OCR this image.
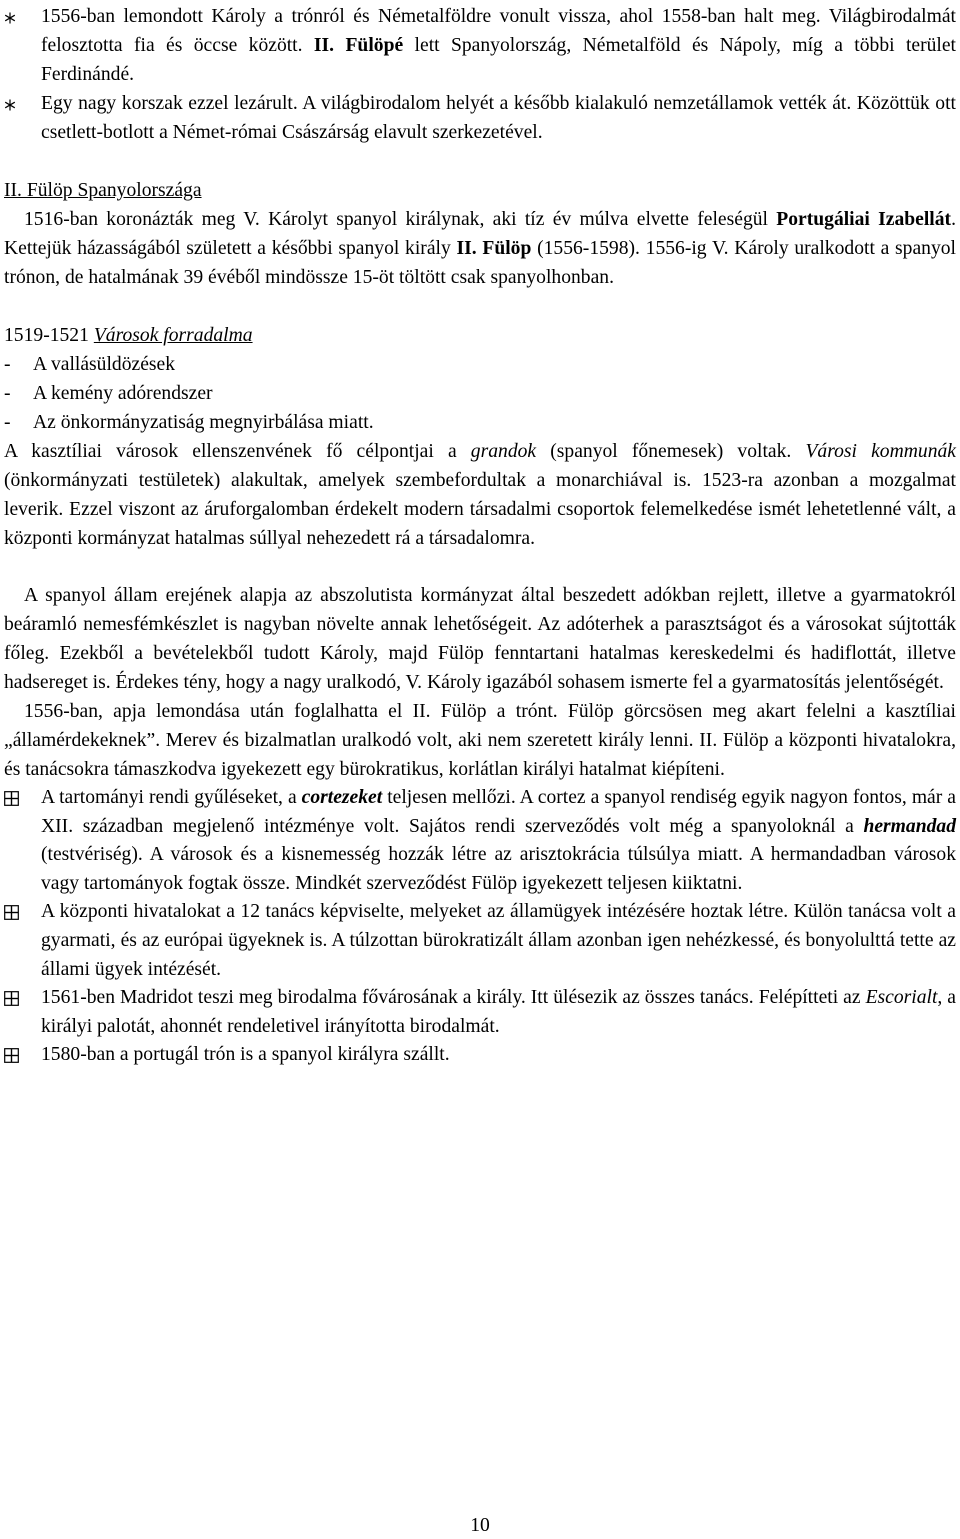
1556-ban lemondott Károly a trónról és Németalföldre vonult vissza, ahol 1558-ban halt meg. Világbirodalmát felosztotta fia és öccse között. II. Fülöpé lett Spanyolország, Németalföld és Nápoly, míg a többi terület Ferdinándé.
Egy nagy korszak ezzel lezárult. A világbirodalom helyét a később kialakuló nemzetállamok vették át. Közöttük ott csetlett-botlott a Német-római Császárság elavult szerkezetével.

II. Fülöp Spanyolországa

1516-ban koronázták meg V. Károlyt spanyol királynak, aki tíz év múlva elvette feleségül Portugáliai Izabellát. Kettejük házasságából született a későbbi spanyol király II. Fülöp (1556-1598). 1556-ig V. Károly uralkodott a spanyol trónon, de hatalmának 39 évéből mindössze 15-öt töltött csak spanyolhonban.

1519-1521 Városok forradalma

-	A vallásüldözések
-	A kemény adórendszer
-	Az önkormányzatiság megnyirbálása miatt.

A kasztíliai városok ellenszenvének fő célpontjai a grandok (spanyol főnemesek) voltak. Városi kommunák (önkormányzati testületek) alakultak, amelyek szembefordultak a monarchiával is. 1523-ra azonban a mozgalmat leverik. Ezzel viszont az áruforgalomban érdekelt modern társadalmi csoportok felemelkedése ismét lehetetlenné vált, a központi kormányzat hatalmas súllyal nehezedett rá a társadalomra.

A spanyol állam erejének alapja az abszolutista kormányzat által beszedett adókban rejlett, illetve a gyarmatokról beáramló nemesfémkészlet is nagyban növelte annak lehetőségeit. Az adóterhek a parasztságot és a városokat sújtották főleg. Ezekből a bevételekből tudott Károly, majd Fülöp fenntartani hatalmas kereskedelmi és hadiflottát, illetve hadsereget is. Érdekes tény, hogy a nagy uralkodó, V. Károly igazából sohasem ismerte fel a gyarmatosítás jelentőségét.

1556-ban, apja lemondása után foglalhatta el II. Fülöp a trónt. Fülöp görcsösen meg akart felelni a kasztíliai „államérdekeknek”. Merev és bizalmatlan uralkodó volt, aki nem szeretett király lenni. II. Fülöp a központi hivatalokra, és tanácsokra támaszkodva igyekezett egy bürokratikus, korlátlan királyi hatalmat kiépíteni.

A tartományi rendi gyűléseket, a cortezeket teljesen mellőzi. A cortez a spanyol rendiség egyik nagyon fontos, már a XII. században megjelenő intézménye volt. Sajátos rendi szerveződés volt még a spanyoloknál a hermandad (testvériség). A városok és a kisnemesség hozzák létre az arisztokrácia túlsúlya miatt. A hermandadban városok vagy tartományok fogtak össze. Mindkét szerveződést Fülöp igyekezett teljesen kiiktatni.
A központi hivatalokat a 12 tanács képviselte, melyeket az államügyek intézésére hoztak létre. Külön tanácsa volt a gyarmati, és az európai ügyeknek is. A túlzottan bürokratizált állam azonban igen nehézkessé, és bonyolulttá tette az állami ügyek intézését.
1561-ben Madridot teszi meg birodalma fővárosának a király. Itt ülésezik az összes tanács. Felépítteti az Escorialt, a királyi palotát, ahonnét rendeletivel irányította birodalmát.
1580-ban a portugál trón is a spanyol királyra szállt.
10
